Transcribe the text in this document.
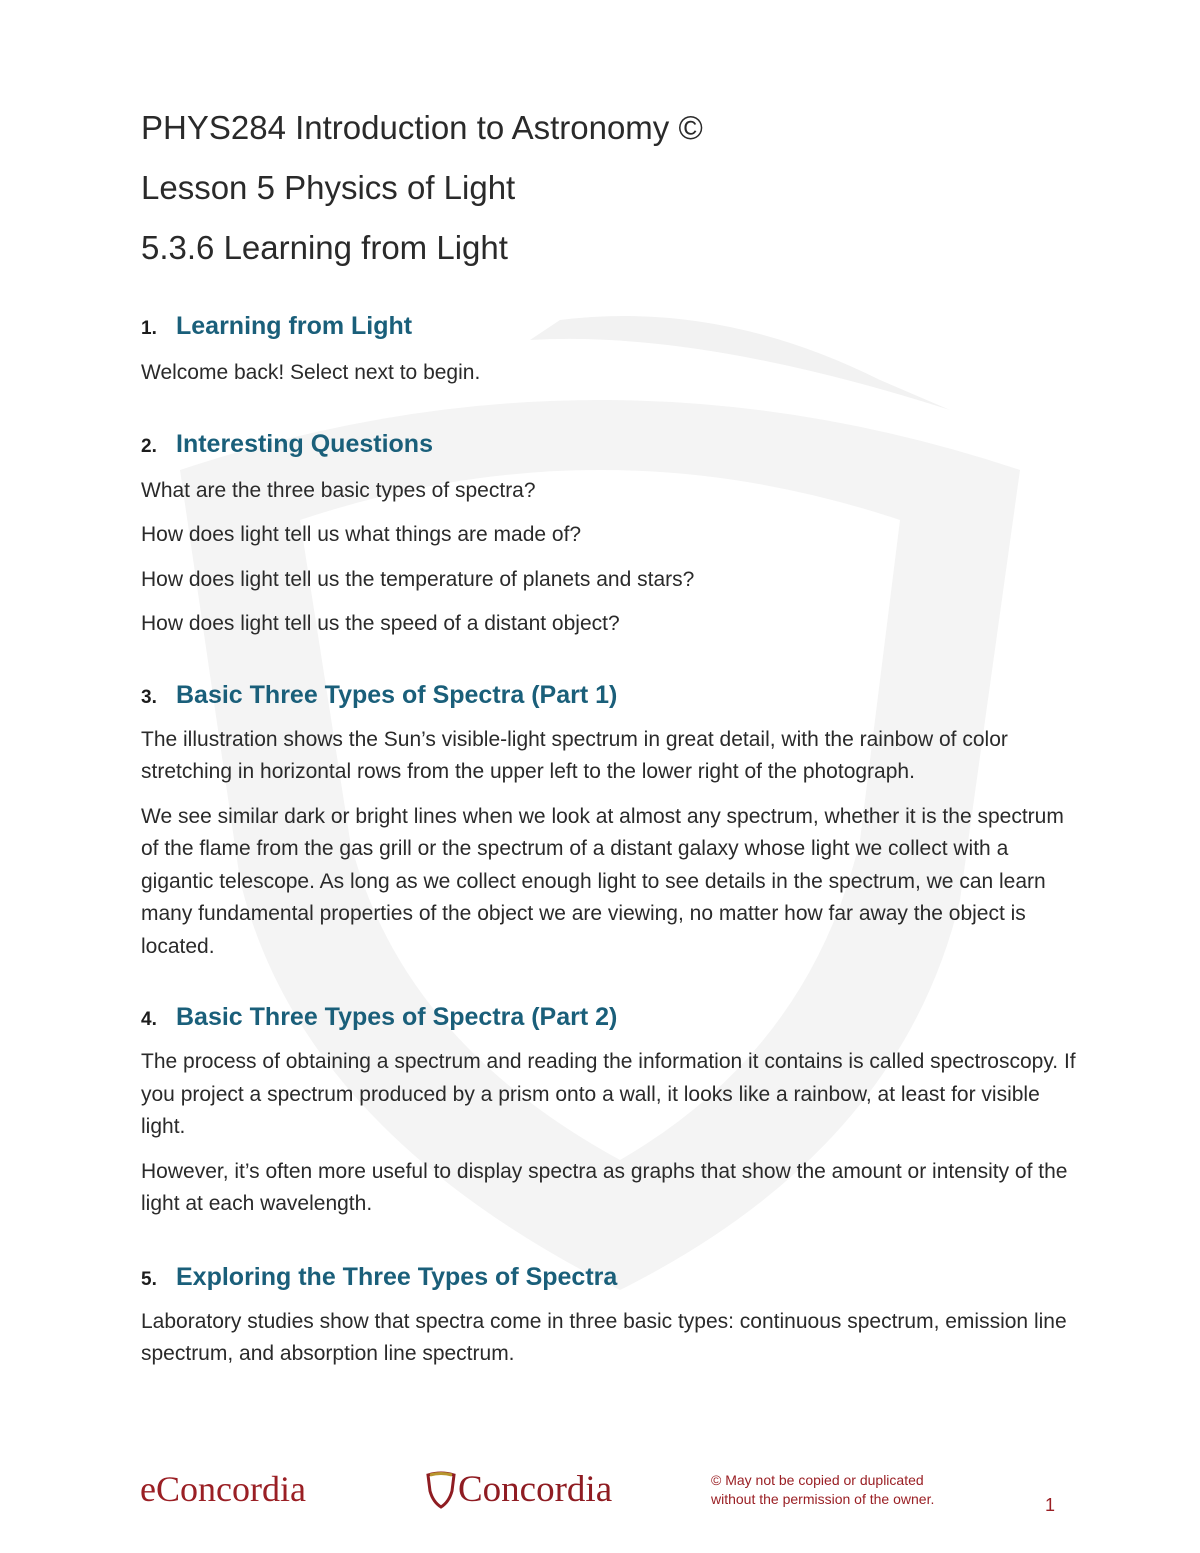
PHYS284 Introduction to Astronomy ©
Lesson 5 Physics of Light
5.3.6 Learning from Light
1. Learning from Light

Welcome back! Select next to begin.

2. Interesting Questions

What are the three basic types of spectra?

How does light tell us what things are made of?

How does light tell us the temperature of planets and stars?

How does light tell us the speed of a distant object?

3. Basic Three Types of Spectra (Part 1)

The illustration shows the Sun’s visible-light spectrum in great detail, with the rainbow of color stretching in horizontal rows from the upper left to the lower right of the photograph.

We see similar dark or bright lines when we look at almost any spectrum, whether it is the spectrum of the flame from the gas grill or the spectrum of a distant galaxy whose light we collect with a gigantic telescope. As long as we collect enough light to see details in the spectrum, we can learn many fundamental properties of the object we are viewing, no matter how far away the object is located.

4. Basic Three Types of Spectra (Part 2)

The process of obtaining a spectrum and reading the information it contains is called spectroscopy. If you project a spectrum produced by a prism onto a wall, it looks like a rainbow, at least for visible light.

However, it’s often more useful to display spectra as graphs that show the amount or intensity of the light at each wavelength.

5. Exploring the Three Types of Spectra

Laboratory studies show that spectra come in three basic types: continuous spectrum, emission line spectrum, and absorption line spectrum.

eConcordia	Concordia	© May not be copied or duplicated
without the permission of the owner.	1
